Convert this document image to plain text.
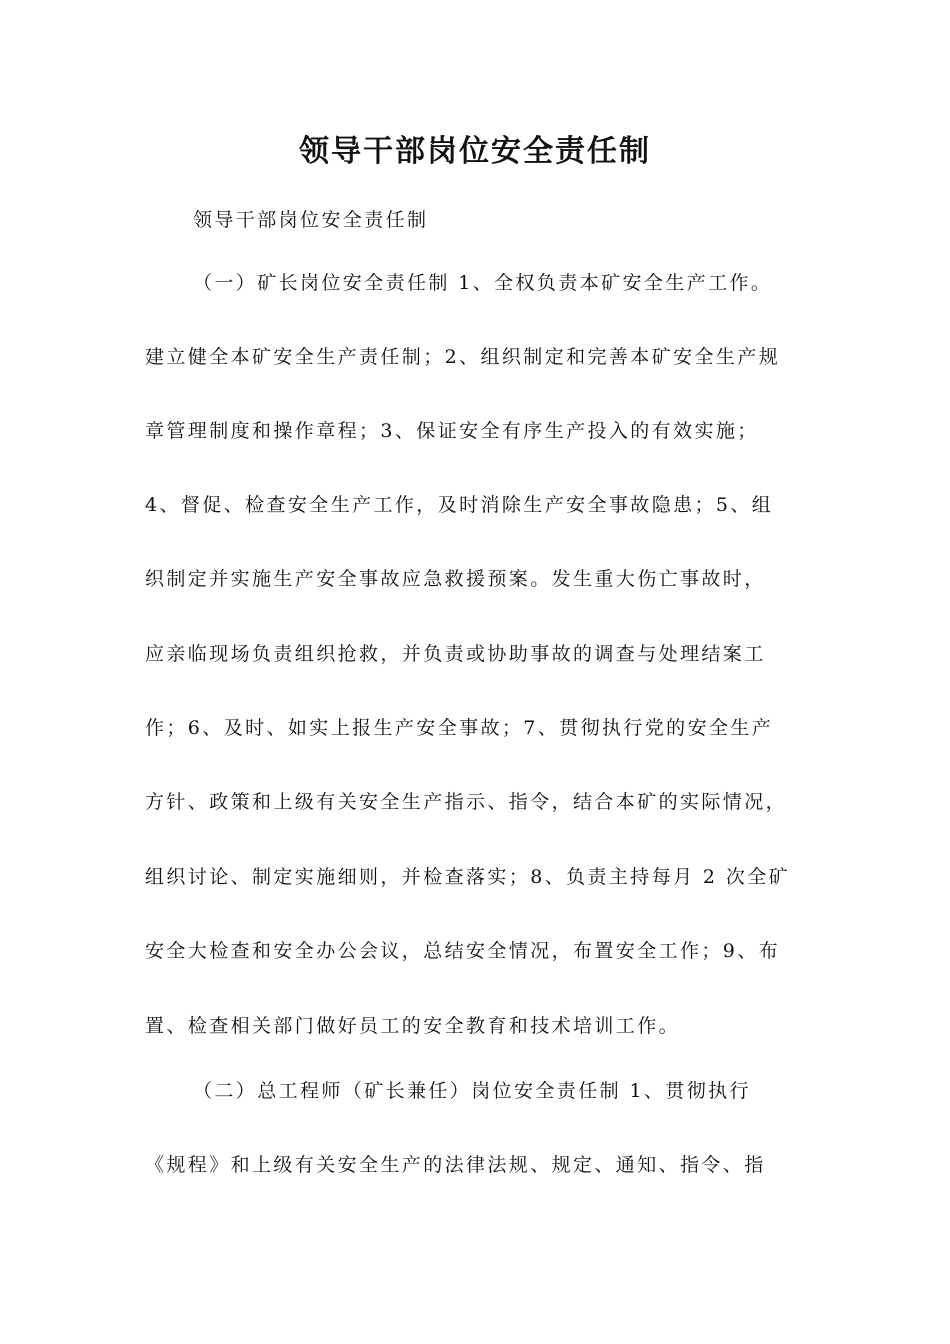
领导干部岗位安全责任制
领导干部岗位安全责任制
（一）矿长岗位安全责任制 1、全权负责本矿安全生产工作。
建立健全本矿安全生产责任制；2、组织制定和完善本矿安全生产规
章管理制度和操作章程；3、保证安全有序生产投入的有效实施；
4、督促、检查安全生产工作，及时消除生产安全事故隐患；5、组
织制定并实施生产安全事故应急救援预案。发生重大伤亡事故时，
应亲临现场负责组织抢救，并负责或协助事故的调查与处理结案工
作；6、及时、如实上报生产安全事故；7、贯彻执行党的安全生产
方针、政策和上级有关安全生产指示、指令，结合本矿的实际情况，
组织讨论、制定实施细则，并检查落实；8、负责主持每月 2 次全矿
安全大检查和安全办公会议，总结安全情况，布置安全工作；9、布
置、检查相关部门做好员工的安全教育和技术培训工作。
（二）总工程师（矿长兼任）岗位安全责任制 1、贯彻执行
《规程》和上级有关安全生产的法律法规、规定、通知、指令、指
